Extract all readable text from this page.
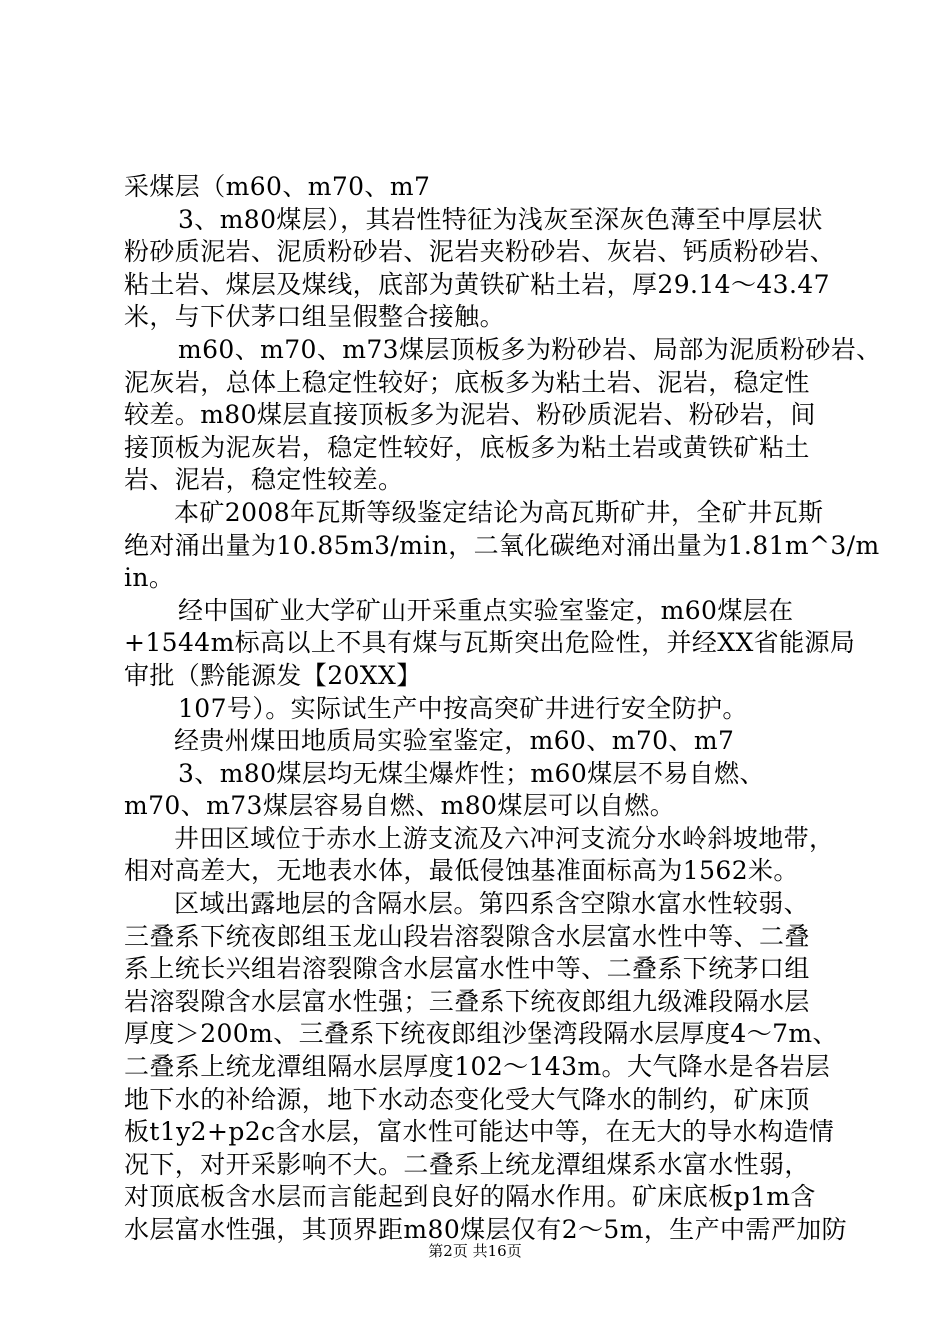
采煤层（m60、m70、m7
3、m80煤层），其岩性特征为浅灰至深灰色薄至中厚层状
粉砂质泥岩、泥质粉砂岩、泥岩夹粉砂岩、灰岩、钙质粉砂岩、
粘土岩、煤层及煤线，底部为黄铁矿粘土岩，厚29.14～43.47
米，与下伏茅口组呈假整合接触。
m60、m70、m73煤层顶板多为粉砂岩、局部为泥质粉砂岩、
泥灰岩，总体上稳定性较好；底板多为粘土岩、泥岩，稳定性
较差。m80煤层直接顶板多为泥岩、粉砂质泥岩、粉砂岩，间
接顶板为泥灰岩，稳定性较好，底板多为粘土岩或黄铁矿粘土
岩、泥岩，稳定性较差。
本矿2008年瓦斯等级鉴定结论为高瓦斯矿井，全矿井瓦斯
绝对涌出量为10.85m3/min，二氧化碳绝对涌出量为1.81m^3/m
in。
经中国矿业大学矿山开采重点实验室鉴定，m60煤层在
+1544m标高以上不具有煤与瓦斯突出危险性，并经XX省能源局
审批（黔能源发【20XX】
107号）。实际试生产中按高突矿井进行安全防护。
经贵州煤田地质局实验室鉴定，m60、m70、m7
3、m80煤层均无煤尘爆炸性；m60煤层不易自燃、
m70、m73煤层容易自燃、m80煤层可以自燃。
井田区域位于赤水上游支流及六冲河支流分水岭斜坡地带，
相对高差大，无地表水体，最低侵蚀基准面标高为1562米。
区域出露地层的含隔水层。第四系含空隙水富水性较弱、
三叠系下统夜郎组玉龙山段岩溶裂隙含水层富水性中等、二叠
系上统长兴组岩溶裂隙含水层富水性中等、二叠系下统茅口组
岩溶裂隙含水层富水性强；三叠系下统夜郎组九级滩段隔水层
厚度＞200m、三叠系下统夜郎组沙堡湾段隔水层厚度4～7m、
二叠系上统龙潭组隔水层厚度102～143m。大气降水是各岩层
地下水的补给源，地下水动态变化受大气降水的制约，矿床顶
板t1y2+p2c含水层，富水性可能达中等，在无大的导水构造情
况下，对开采影响不大。二叠系上统龙潭组煤系水富水性弱，
对顶底板含水层而言能起到良好的隔水作用。矿床底板p1m含
水层富水性强，其顶界距m80煤层仅有2～5m，生产中需严加防
第2页 共16页
